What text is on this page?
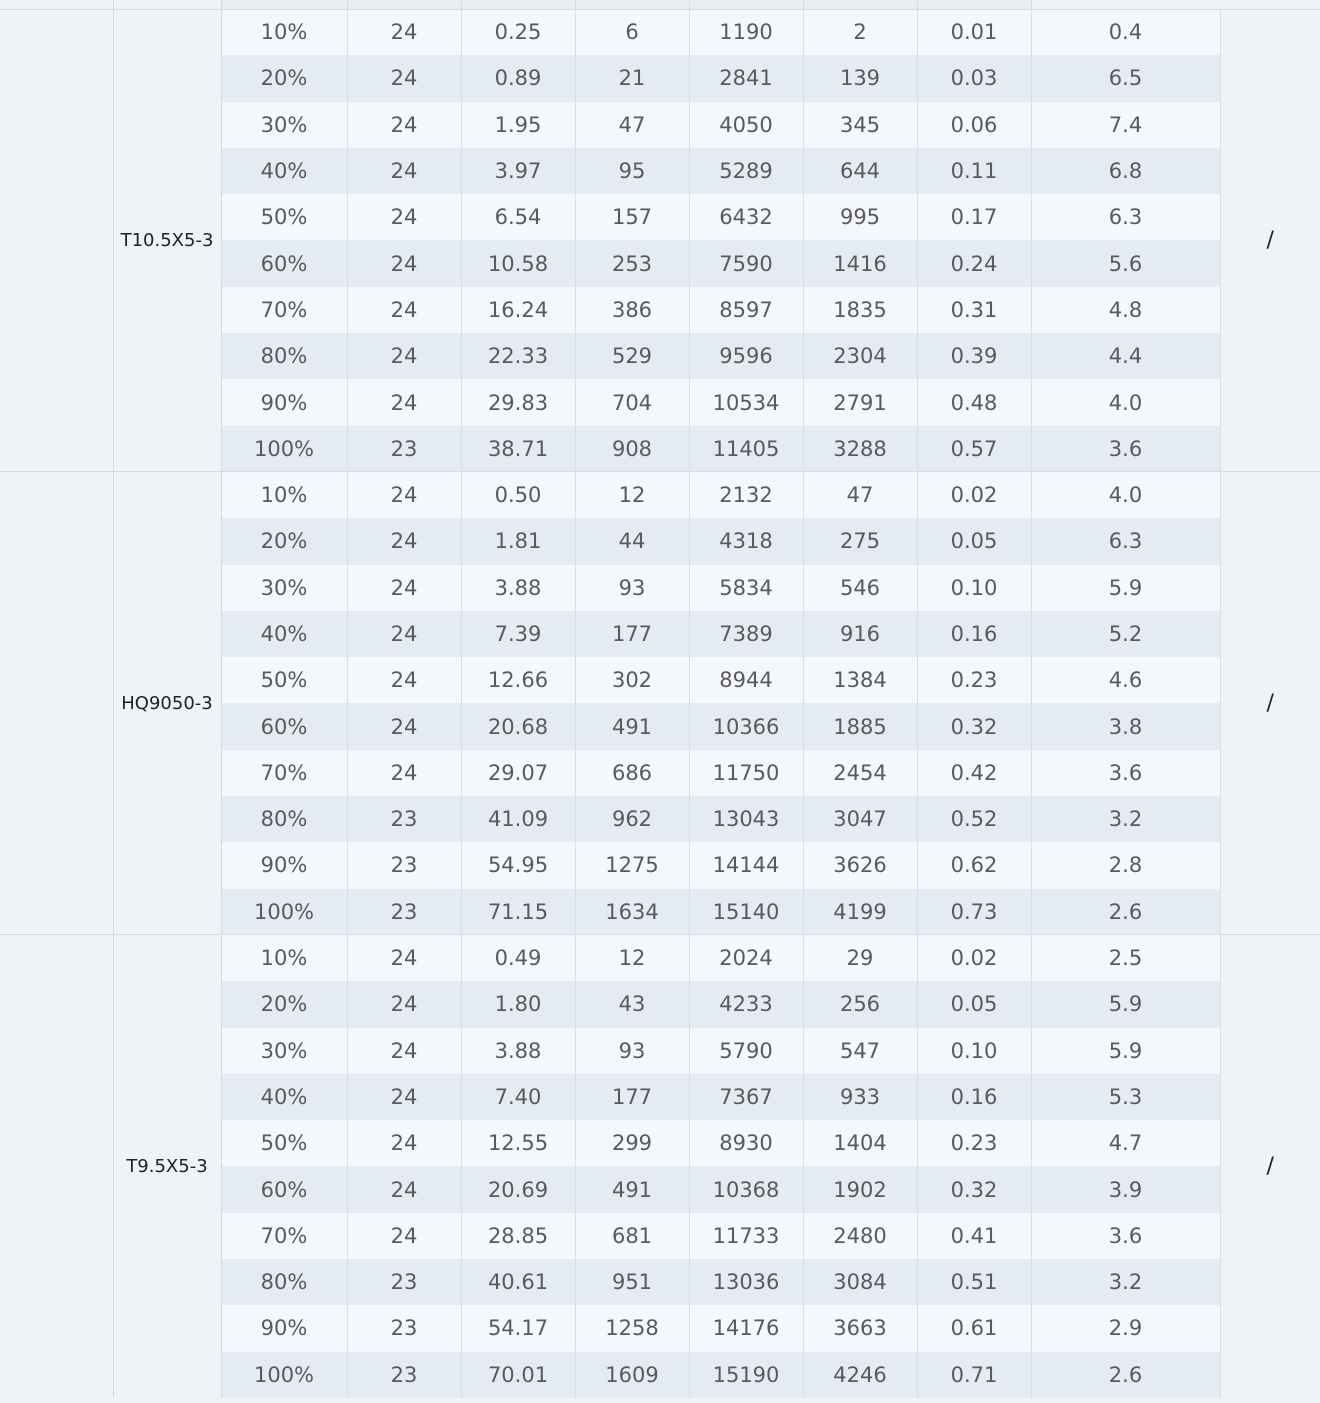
	T10.5X5-3	10%	24	0.25	6	1190	2	0.01	0.4	/
		20%	24	0.89	21	2841	139	0.03	6.5	
		30%	24	1.95	47	4050	345	0.06	7.4	
		40%	24	3.97	95	5289	644	0.11	6.8	
		50%	24	6.54	157	6432	995	0.17	6.3	
		60%	24	10.58	253	7590	1416	0.24	5.6	
		70%	24	16.24	386	8597	1835	0.31	4.8	
		80%	24	22.33	529	9596	2304	0.39	4.4	
		90%	24	29.83	704	10534	2791	0.48	4.0	
		100%	23	38.71	908	11405	3288	0.57	3.6	
	HQ9050-3	10%	24	0.50	12	2132	47	0.02	4.0	/
		20%	24	1.81	44	4318	275	0.05	6.3	
		30%	24	3.88	93	5834	546	0.10	5.9	
		40%	24	7.39	177	7389	916	0.16	5.2	
		50%	24	12.66	302	8944	1384	0.23	4.6	
		60%	24	20.68	491	10366	1885	0.32	3.8	
		70%	24	29.07	686	11750	2454	0.42	3.6	
		80%	23	41.09	962	13043	3047	0.52	3.2	
		90%	23	54.95	1275	14144	3626	0.62	2.8	
		100%	23	71.15	1634	15140	4199	0.73	2.6	
	T9.5X5-3	10%	24	0.49	12	2024	29	0.02	2.5	/
		20%	24	1.80	43	4233	256	0.05	5.9	
		30%	24	3.88	93	5790	547	0.10	5.9	
		40%	24	7.40	177	7367	933	0.16	5.3	
		50%	24	12.55	299	8930	1404	0.23	4.7	
		60%	24	20.69	491	10368	1902	0.32	3.9	
		70%	24	28.85	681	11733	2480	0.41	3.6	
		80%	23	40.61	951	13036	3084	0.51	3.2	
		90%	23	54.17	1258	14176	3663	0.61	2.9	
		100%	23	70.01	1609	15190	4246	0.71	2.6	
